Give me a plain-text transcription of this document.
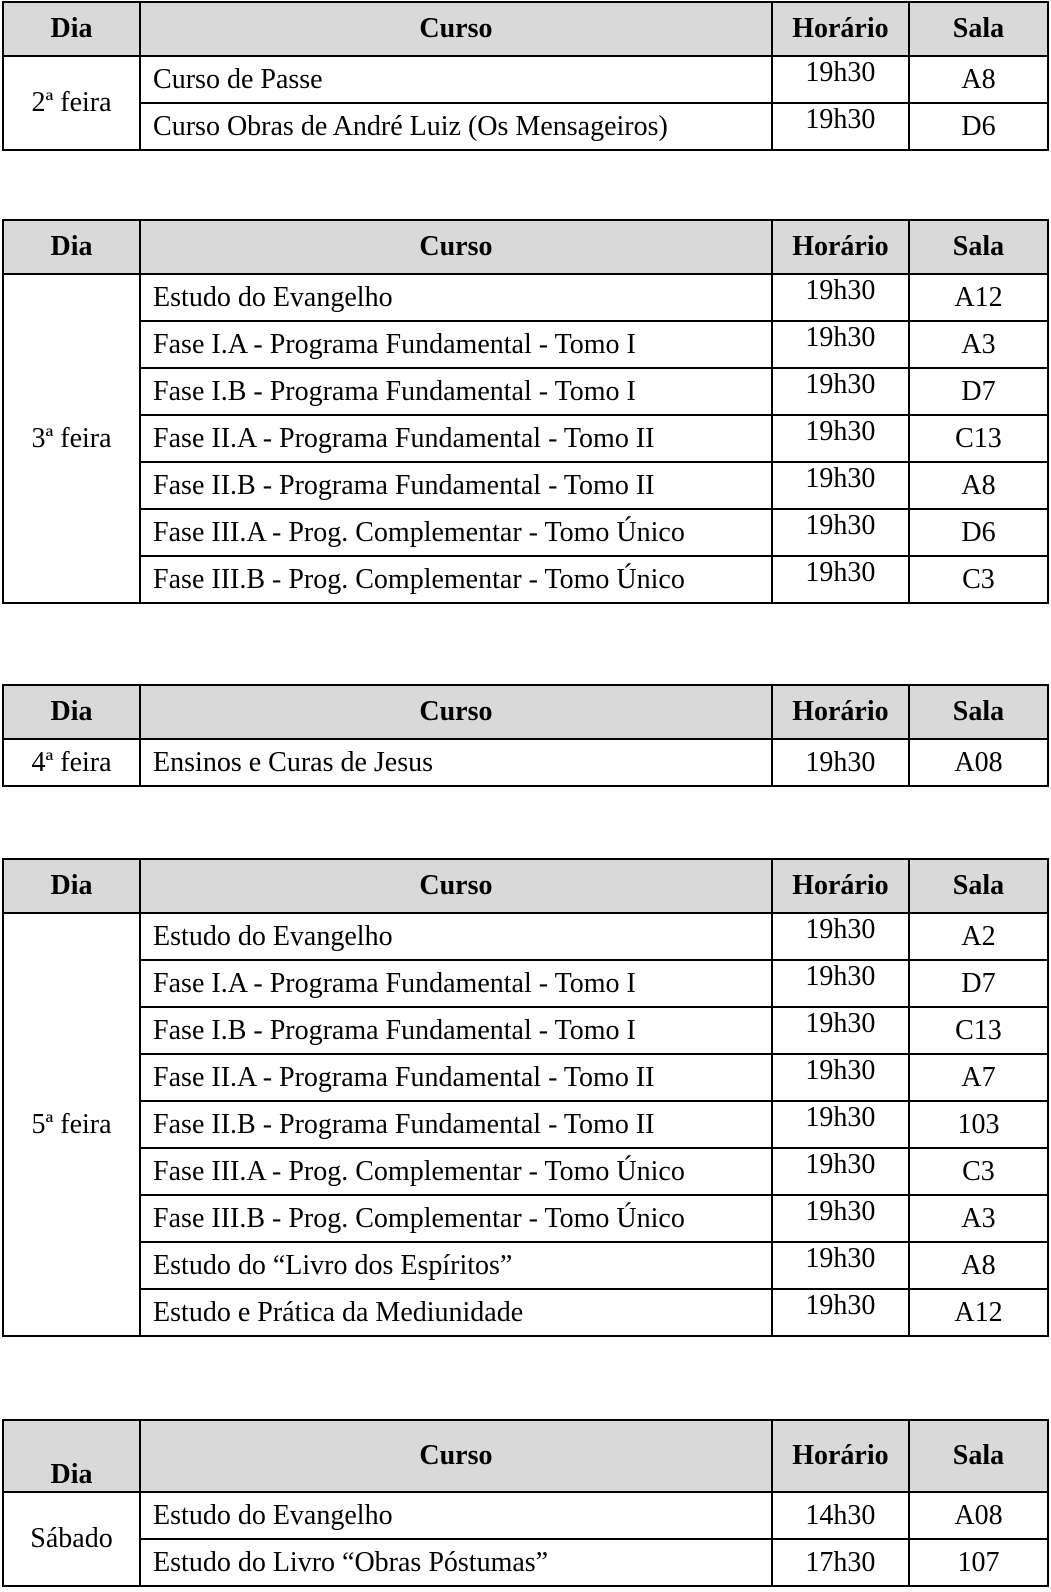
Dia	Curso	Horário	Sala
2ª feira	Curso de Passe	19h30	A8
	Curso Obras de André Luiz (Os Mensageiros)	19h30	D6
Dia	Curso	Horário	Sala
3ª feira	Estudo do Evangelho	19h30	A12
	Fase I.A - Programa Fundamental - Tomo I	19h30	A3
	Fase I.B - Programa Fundamental - Tomo I	19h30	D7
	Fase II.A - Programa Fundamental - Tomo II	19h30	C13
	Fase II.B - Programa Fundamental - Tomo II	19h30	A8
	Fase III.A - Prog. Complementar - Tomo Único	19h30	D6
	Fase III.B - Prog. Complementar - Tomo Único	19h30	C3
Dia	Curso	Horário	Sala
4ª feira	Ensinos e Curas de Jesus	19h30	A08
Dia	Curso	Horário	Sala
5ª feira	Estudo do Evangelho	19h30	A2
	Fase I.A - Programa Fundamental - Tomo I	19h30	D7
	Fase I.B - Programa Fundamental - Tomo I	19h30	C13
	Fase II.A - Programa Fundamental - Tomo II	19h30	A7
	Fase II.B - Programa Fundamental - Tomo II	19h30	103
	Fase III.A - Prog. Complementar - Tomo Único	19h30	C3
	Fase III.B - Prog. Complementar - Tomo Único	19h30	A3
	Estudo do “Livro dos Espíritos”	19h30	A8
	Estudo e Prática da Mediunidade	19h30	A12
Dia	Curso	Horário	Sala
Sábado	Estudo do Evangelho	14h30	A08
	Estudo do Livro “Obras Póstumas”	17h30	107
